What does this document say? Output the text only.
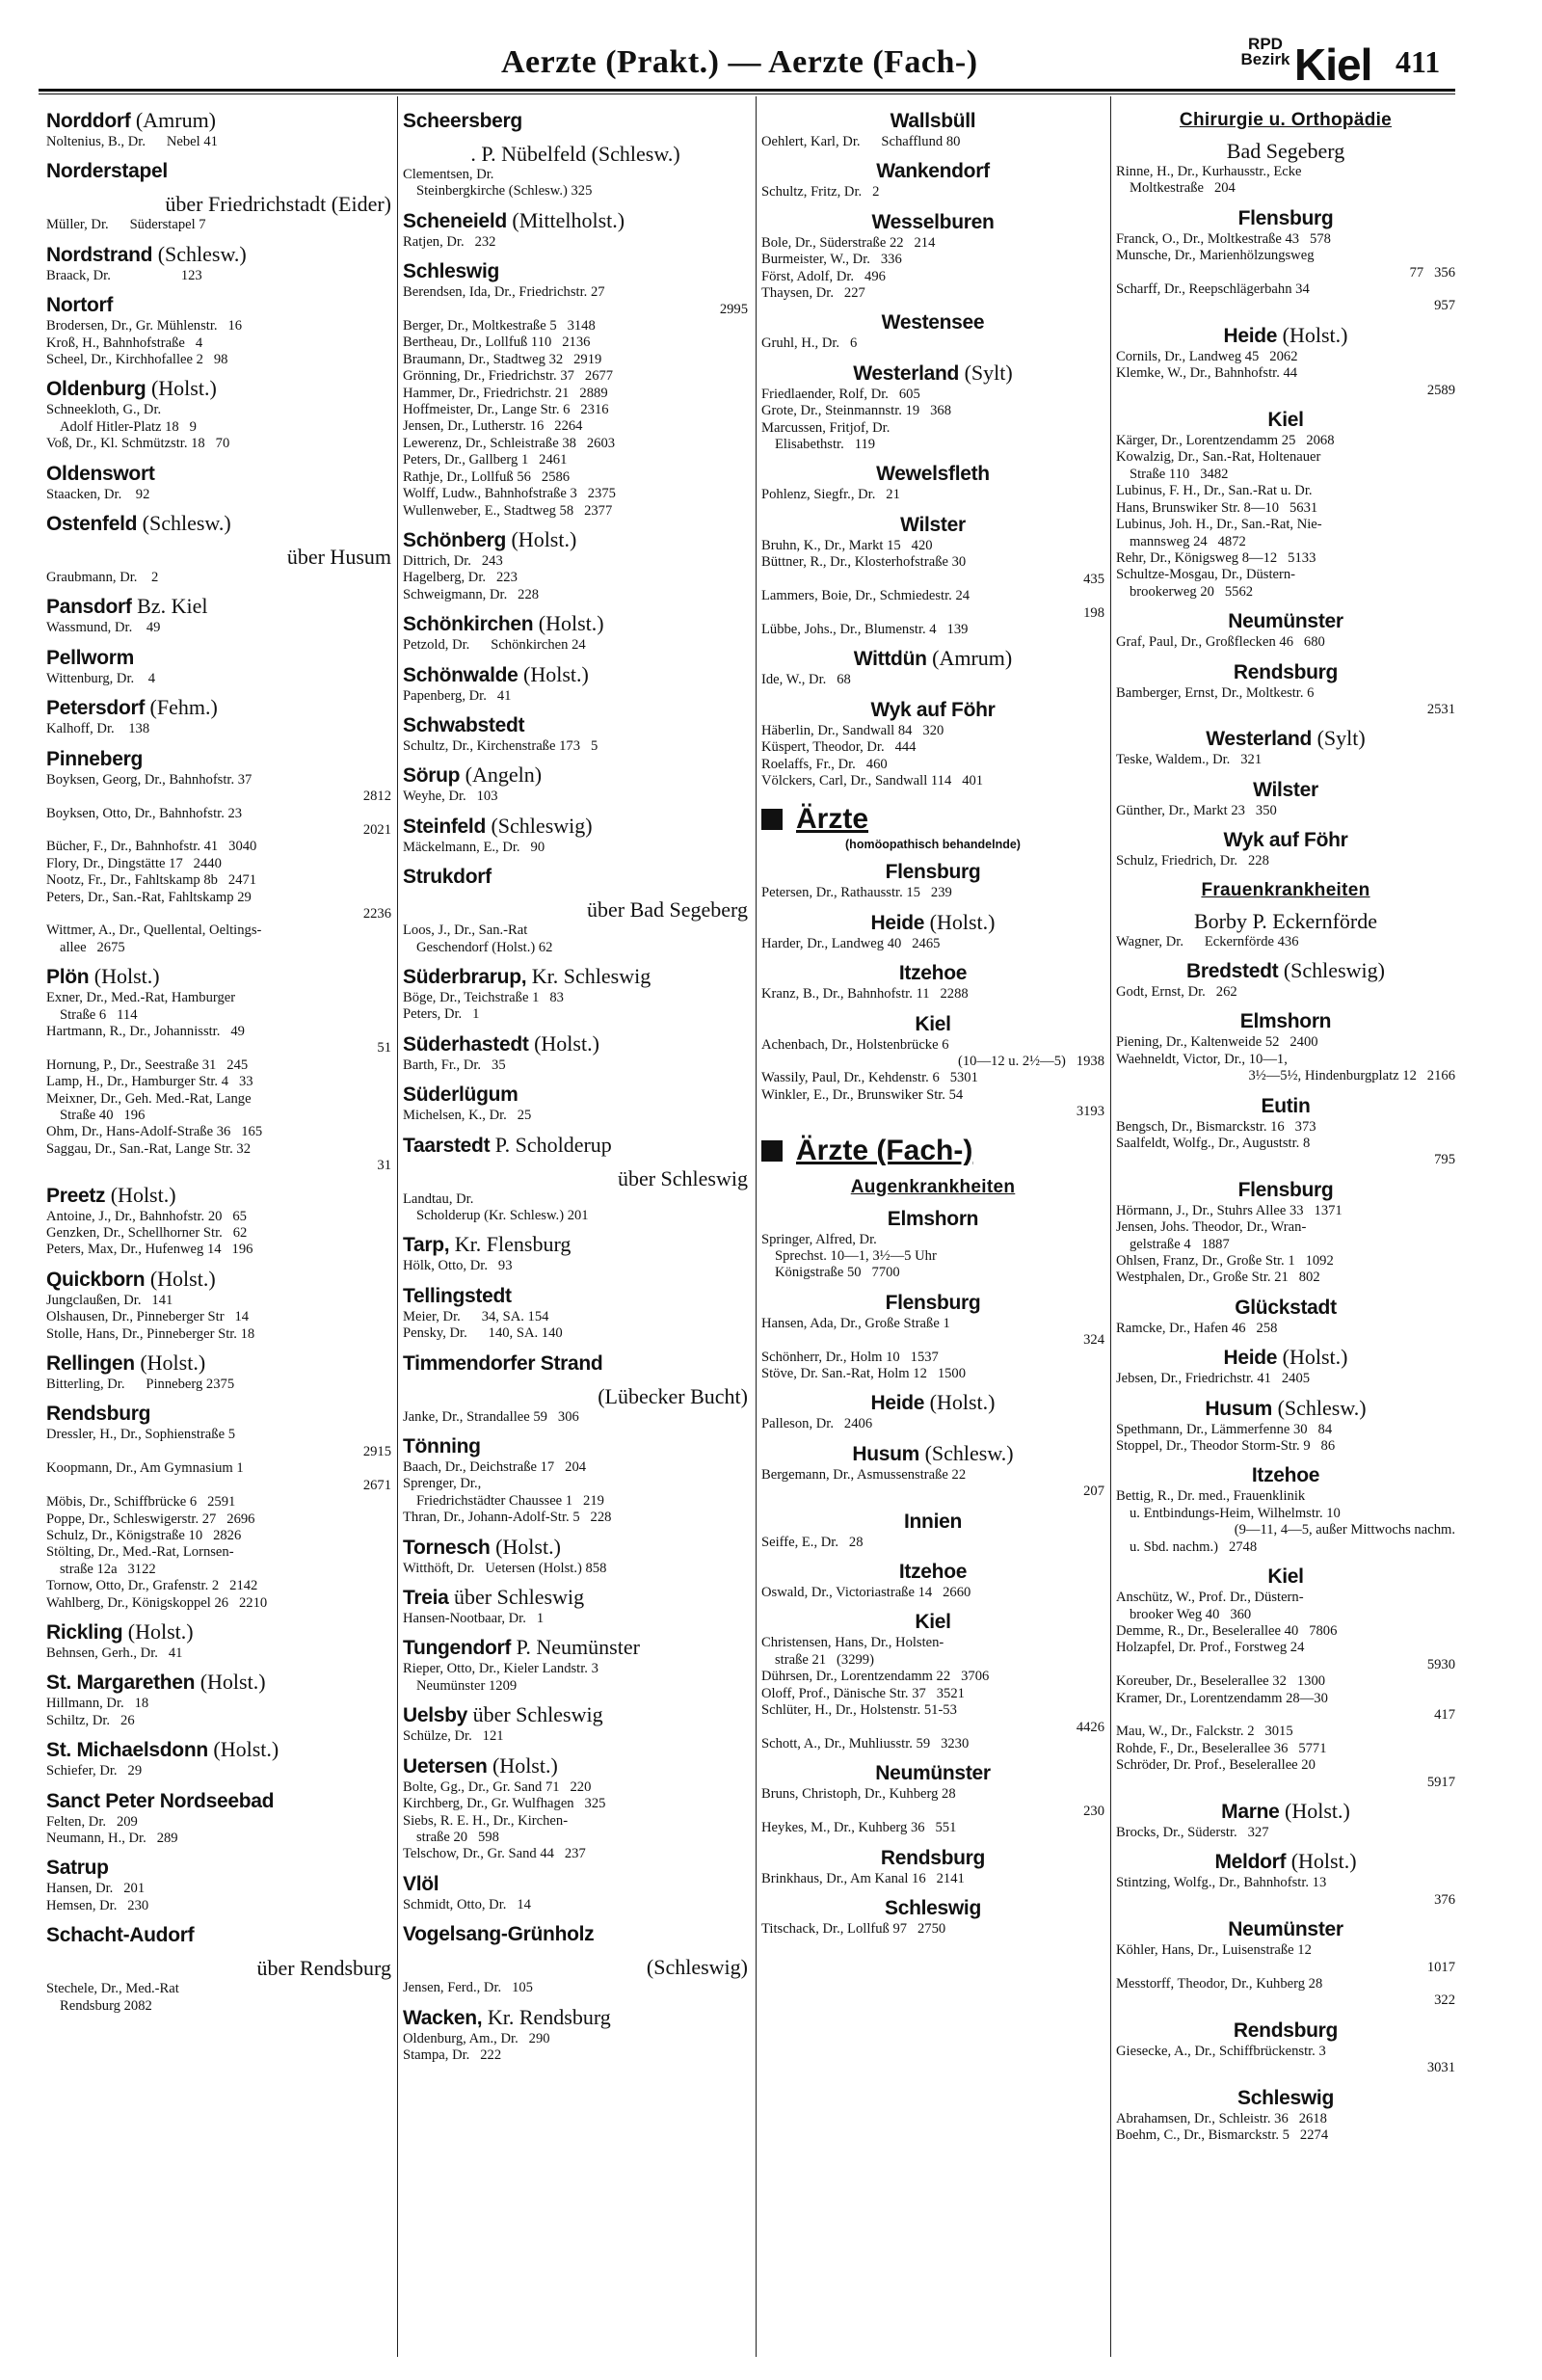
Aerzte (Prakt.) — Aerzte (Fach-)
RPD
Bezirk Kiel 411
Norddorf (Amrum)
Noltenius, B., Dr.      Nebel 41
Norderstapel
über Friedrichstadt (Eider)
Müller, Dr.      Süderstapel 7
Nordstrand (Schlesw.)
Braack, Dr.                    123
Nortorf
Brodersen, Dr., Gr. Mühlenstr.   16
Kroß, H., Bahnhofstraße   4
Scheel, Dr., Kirchhofallee 2   98
Oldenburg (Holst.)
Schneekloth, G., Dr.
Adolf Hitler-Platz 18   9
Voß, Dr., Kl. Schmützstr. 18   70
Oldenswort
Staacken, Dr.    92
Ostenfeld (Schlesw.)
über Husum
Graubmann, Dr.    2
Pansdorf Bz. Kiel
Wassmund, Dr.    49
Pellworm
Wittenburg, Dr.    4
Petersdorf (Fehm.)
Kalhoff, Dr.    138
Pinneberg
Boyksen, Georg, Dr., Bahnhofstr. 37
2812
Boyksen, Otto, Dr., Bahnhofstr. 23
2021
Bücher, F., Dr., Bahnhofstr. 41   3040
Flory, Dr., Dingstätte 17   2440
Nootz, Fr., Dr., Fahltskamp 8b   2471
Peters, Dr., San.-Rat, Fahltskamp 29
2236
Wittmer, A., Dr., Quellental, Oeltings-
allee   2675
Plön (Holst.)
Exner, Dr., Med.-Rat, Hamburger
Straße 6   114
Hartmann, R., Dr., Johannisstr.   49
51
Hornung, P., Dr., Seestraße 31   245
Lamp, H., Dr., Hamburger Str. 4   33
Meixner, Dr., Geh. Med.-Rat, Lange
Straße 40   196
Ohm, Dr., Hans-Adolf-Straße 36   165
Saggau, Dr., San.-Rat, Lange Str. 32
31
Preetz (Holst.)
Antoine, J., Dr., Bahnhofstr. 20   65
Genzken, Dr., Schellhorner Str.   62
Peters, Max, Dr., Hufenweg 14   196
Quickborn (Holst.)
Jungclaußen, Dr.   141
Olshausen, Dr., Pinneberger Str   14
Stolle, Hans, Dr., Pinneberger Str. 18
Rellingen (Holst.)
Bitterling, Dr.      Pinneberg 2375
Rendsburg
Dressler, H., Dr., Sophienstraße 5
2915
Koopmann, Dr., Am Gymnasium 1
2671
Möbis, Dr., Schiffbrücke 6   2591
Poppe, Dr., Schleswigerstr. 27   2696
Schulz, Dr., Königstraße 10   2826
Stölting, Dr., Med.-Rat, Lornsen-
straße 12a   3122
Tornow, Otto, Dr., Grafenstr. 2   2142
Wahlberg, Dr., Königskoppel 26   2210
Rickling (Holst.)
Behnsen, Gerh., Dr.   41
St. Margarethen (Holst.)
Hillmann, Dr.   18
Schiltz, Dr.   26
St. Michaelsdonn (Holst.)
Schiefer, Dr.   29
Sanct Peter Nordseebad
Felten, Dr.   209
Neumann, H., Dr.   289
Satrup
Hansen, Dr.   201
Hemsen, Dr.   230
Schacht-Audorf
über Rendsburg
Stechele, Dr., Med.-Rat
Rendsburg 2082
Scheersberg
. P. Nübelfeld (Schlesw.)
Clementsen, Dr.
Steinbergkirche (Schlesw.) 325
Scheneield (Mittelholst.)
Ratjen, Dr.   232
Schleswig
Berendsen, Ida, Dr., Friedrichstr. 27
2995
Berger, Dr., Moltkestraße 5   3148
Bertheau, Dr., Lollfuß 110   2136
Braumann, Dr., Stadtweg 32   2919
Grönning, Dr., Friedrichstr. 37   2677
Hammer, Dr., Friedrichstr. 21   2889
Hoffmeister, Dr., Lange Str. 6   2316
Jensen, Dr., Lutherstr. 16   2264
Lewerenz, Dr., Schleistraße 38   2603
Peters, Dr., Gallberg 1   2461
Rathje, Dr., Lollfuß 56   2586
Wolff, Ludw., Bahnhofstraße 3   2375
Wullenweber, E., Stadtweg 58   2377
Schönberg (Holst.)
Dittrich, Dr.   243
Hagelberg, Dr.   223
Schweigmann, Dr.   228
Schönkirchen (Holst.)
Petzold, Dr.      Schönkirchen 24
Schönwalde (Holst.)
Papenberg, Dr.   41
Schwabstedt
Schultz, Dr., Kirchenstraße 173   5
Sörup (Angeln)
Weyhe, Dr.   103
Steinfeld (Schleswig)
Mäckelmann, E., Dr.   90
Strukdorf
über Bad Segeberg
Loos, J., Dr., San.-Rat
Geschendorf (Holst.) 62
Süderbrarup, Kr. Schleswig
Böge, Dr., Teichstraße 1   83
Peters, Dr.   1
Süderhastedt (Holst.)
Barth, Fr., Dr.   35
Süderlügum
Michelsen, K., Dr.   25
Taarstedt P. Scholderup
über Schleswig
Landtau, Dr.
Scholderup (Kr. Schlesw.) 201
Tarp, Kr. Flensburg
Hölk, Otto, Dr.   93
Tellingstedt
Meier, Dr.      34, SA. 154
Pensky, Dr.      140, SA. 140
Timmendorfer Strand
(Lübecker Bucht)
Janke, Dr., Strandallee 59   306
Tönning
Baach, Dr., Deichstraße 17   204
Sprenger, Dr.,
Friedrichstädter Chaussee 1   219
Thran, Dr., Johann-Adolf-Str. 5   228
Tornesch (Holst.)
Witthöft, Dr.   Uetersen (Holst.) 858
Treia über Schleswig
Hansen-Nootbaar, Dr.   1
Tungendorf P. Neumünster
Rieper, Otto, Dr., Kieler Landstr. 3
Neumünster 1209
Uelsby über Schleswig
Schülze, Dr.   121
Uetersen (Holst.)
Bolte, Gg., Dr., Gr. Sand 71   220
Kirchberg, Dr., Gr. Wulfhagen   325
Siebs, R. E. H., Dr., Kirchen-
straße 20   598
Telschow, Dr., Gr. Sand 44   237
Vlöl
Schmidt, Otto, Dr.   14
Vogelsang-Grünholz
(Schleswig)
Jensen, Ferd., Dr.   105
Wacken, Kr. Rendsburg
Oldenburg, Am., Dr.   290
Stampa, Dr.   222
Wallsbüll
Oehlert, Karl, Dr.      Schafflund 80
Wankendorf
Schultz, Fritz, Dr.   2
Wesselburen
Bole, Dr., Süderstraße 22   214
Burmeister, W., Dr.   336
Först, Adolf, Dr.   496
Thaysen, Dr.   227
Westensee
Gruhl, H., Dr.   6
Westerland (Sylt)
Friedlaender, Rolf, Dr.   605
Grote, Dr., Steinmannstr. 19   368
Marcussen, Fritjof, Dr.
Elisabethstr.   119
Wewelsfleth
Pohlenz, Siegfr., Dr.   21
Wilster
Bruhn, K., Dr., Markt 15   420
Büttner, R., Dr., Klosterhofstraße 30
435
Lammers, Boie, Dr., Schmiedestr. 24
198
Lübbe, Johs., Dr., Blumenstr. 4   139
Wittdün (Amrum)
Ide, W., Dr.   68
Wyk auf Föhr
Häberlin, Dr., Sandwall 84   320
Küspert, Theodor, Dr.   444
Roelaffs, Fr., Dr.   460
Völckers, Carl, Dr., Sandwall 114   401
Ärzte
(homöopathisch behandelnde)
Flensburg
Petersen, Dr., Rathausstr. 15   239
Heide (Holst.)
Harder, Dr., Landweg 40   2465
Itzehoe
Kranz, B., Dr., Bahnhofstr. 11   2288
Kiel
Achenbach, Dr., Holstenbrücke 6
(10—12 u. 2½—5)   1938
Wassily, Paul, Dr., Kehdenstr. 6   5301
Winkler, E., Dr., Brunswiker Str. 54
3193
Ärzte (Fach-)
Augenkrankheiten
Elmshorn
Springer, Alfred, Dr.
Sprechst. 10—1, 3½—5 Uhr
Königstraße 50   7700
Flensburg
Hansen, Ada, Dr., Große Straße 1
324
Schönherr, Dr., Holm 10   1537
Stöve, Dr. San.-Rat, Holm 12   1500
Heide (Holst.)
Palleson, Dr.   2406
Husum (Schlesw.)
Bergemann, Dr., Asmussenstraße 22
207
Innien
Seiffe, E., Dr.   28
Itzehoe
Oswald, Dr., Victoriastraße 14   2660
Kiel
Christensen, Hans, Dr., Holsten-
straße 21   (3299)
Dührsen, Dr., Lorentzendamm 22   3706
Oloff, Prof., Dänische Str. 37   3521
Schlüter, H., Dr., Holstenstr. 51-53
4426
Schott, A., Dr., Muhliusstr. 59   3230
Neumünster
Bruns, Christoph, Dr., Kuhberg 28
230
Heykes, M., Dr., Kuhberg 36   551
Rendsburg
Brinkhaus, Dr., Am Kanal 16   2141
Schleswig
Titschack, Dr., Lollfuß 97   2750
Chirurgie u. Orthopädie
Bad Segeberg
Rinne, H., Dr., Kurhausstr., Ecke
Moltkestraße   204
Flensburg
Franck, O., Dr., Moltkestraße 43   578
Munsche, Dr., Marienhölzungsweg
77   356
Scharff, Dr., Reepschlägerbahn 34
957
Heide (Holst.)
Cornils, Dr., Landweg 45   2062
Klemke, W., Dr., Bahnhofstr. 44
2589
Kiel
Kärger, Dr., Lorentzendamm 25   2068
Kowalzig, Dr., San.-Rat, Holtenauer
Straße 110   3482
Lubinus, F. H., Dr., San.-Rat u. Dr.
Hans, Brunswiker Str. 8—10   5631
Lubinus, Joh. H., Dr., San.-Rat, Nie-
mannsweg 24   4872
Rehr, Dr., Königsweg 8—12   5133
Schultze-Mosgau, Dr., Düstern-
brookerweg 20   5562
Neumünster
Graf, Paul, Dr., Großflecken 46   680
Rendsburg
Bamberger, Ernst, Dr., Moltkestr. 6
2531
Westerland (Sylt)
Teske, Waldem., Dr.   321
Wilster
Günther, Dr., Markt 23   350
Wyk auf Föhr
Schulz, Friedrich, Dr.   228
Frauenkrankheiten
Borby P. Eckernförde
Wagner, Dr.      Eckernförde 436
Bredstedt (Schleswig)
Godt, Ernst, Dr.   262
Elmshorn
Piening, Dr., Kaltenweide 52   2400
Waehneldt, Victor, Dr., 10—1,
3½—5½, Hindenburgplatz 12   2166
Eutin
Bengsch, Dr., Bismarckstr. 16   373
Saalfeldt, Wolfg., Dr., Auguststr. 8
795
Flensburg
Hörmann, J., Dr., Stuhrs Allee 33   1371
Jensen, Johs. Theodor, Dr., Wran-
gelstraße 4   1887
Ohlsen, Franz, Dr., Große Str. 1   1092
Westphalen, Dr., Große Str. 21   802
Glückstadt
Ramcke, Dr., Hafen 46   258
Heide (Holst.)
Jebsen, Dr., Friedrichstr. 41   2405
Husum (Schlesw.)
Spethmann, Dr., Lämmerfenne 30   84
Stoppel, Dr., Theodor Storm-Str. 9   86
Itzehoe
Bettig, R., Dr. med., Frauenklinik
u. Entbindungs-Heim, Wilhelmstr. 10
(9—11, 4—5, außer Mittwochs nachm.
u. Sbd. nachm.)   2748
Kiel
Anschütz, W., Prof. Dr., Düstern-
brooker Weg 40   360
Demme, R., Dr., Beselerallee 40   7806
Holzapfel, Dr. Prof., Forstweg 24
5930
Koreuber, Dr., Beselerallee 32   1300
Kramer, Dr., Lorentzendamm 28—30
417
Mau, W., Dr., Falckstr. 2   3015
Rohde, F., Dr., Beselerallee 36   5771
Schröder, Dr. Prof., Beselerallee 20
5917
Marne (Holst.)
Brocks, Dr., Süderstr.   327
Meldorf (Holst.)
Stintzing, Wolfg., Dr., Bahnhofstr. 13
376
Neumünster
Köhler, Hans, Dr., Luisenstraße 12
1017
Messtorff, Theodor, Dr., Kuhberg 28
322
Rendsburg
Giesecke, A., Dr., Schiffbrückenstr. 3
3031
Schleswig
Abrahamsen, Dr., Schleistr. 36   2618
Boehm, C., Dr., Bismarckstr. 5   2274
